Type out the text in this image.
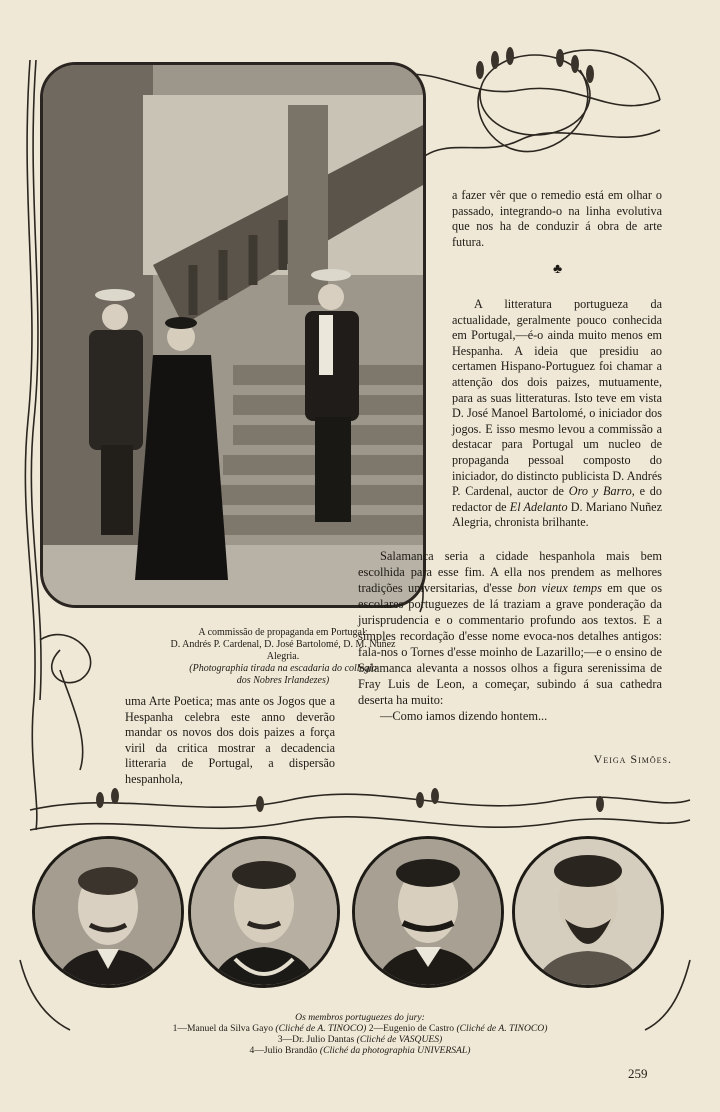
A commissão de propaganda em Portugal:
D. Andrés P. Cardenal, D. José Bartolomé, D. M. Nuñez
Alegria.
(Photographia tirada na escadaria do collegio
dos Nobres Irlandezes)

a fazer vêr que o remedio está em olhar o passado, integrando-o na linha evolutiva que nos ha de conduzir á obra de arte futura.

♣

A litteratura portugueza da actualidade, geralmente pouco conhecida em Portugal,—é-o ainda muito menos em Hespanha. A ideia que presidiu ao certamen Hispano-Portuguez foi chamar a attenção dos dois paizes, mutuamente, para as suas litteraturas. Isto teve em vista D. José Manoel Bartolomé, o iniciador dos jogos. E isso mesmo levou a commissão a destacar para Portugal um nucleo de propaganda pessoal composto do iniciador, do distincto publicista D. Andrés P. Cardenal, auctor de Oro y Barro, e do redactor de El Adelanto D. Mariano Nuñez Alegria, chronista brilhante.

Salamanca seria a cidade hespanhola mais bem escolhida para esse fim. A ella nos prendem as melhores tradições universitarias, d'esse bon vieux temps em que os escolares portuguezes de lá traziam a grave ponderação da jurisprudencia e o commentario profundo aos textos. E a simples recordação d'esse nome evoca-nos detalhes antigos: fala-nos o Tornes d'esse moinho de Lazarillo;—e o ensino de Salamanca alevanta a nossos olhos a figura serenissima de Fray Luis de Leon, a começar, subindo á sua cathedra deserta ha muito:

—Como iamos dizendo hontem...

uma Arte Poetica; mas ante os Jogos que a Hespanha celebra este anno deverão mandar os novos dos dois paizes a força viril da critica mostrar a decadencia litteraria de Portugal, a dispersão hespanhola,

Veiga Simões.
Os membros portuguezes do jury:
1—Manuel da Silva Gayo (Cliché de A. TINOCO) 2—Eugenio de Castro (Cliché de A. TINOCO)
3—Dr. Julio Dantas (Cliché de VASQUES)
4—Julio Brandão (Cliché da photographia UNIVERSAL)
259
